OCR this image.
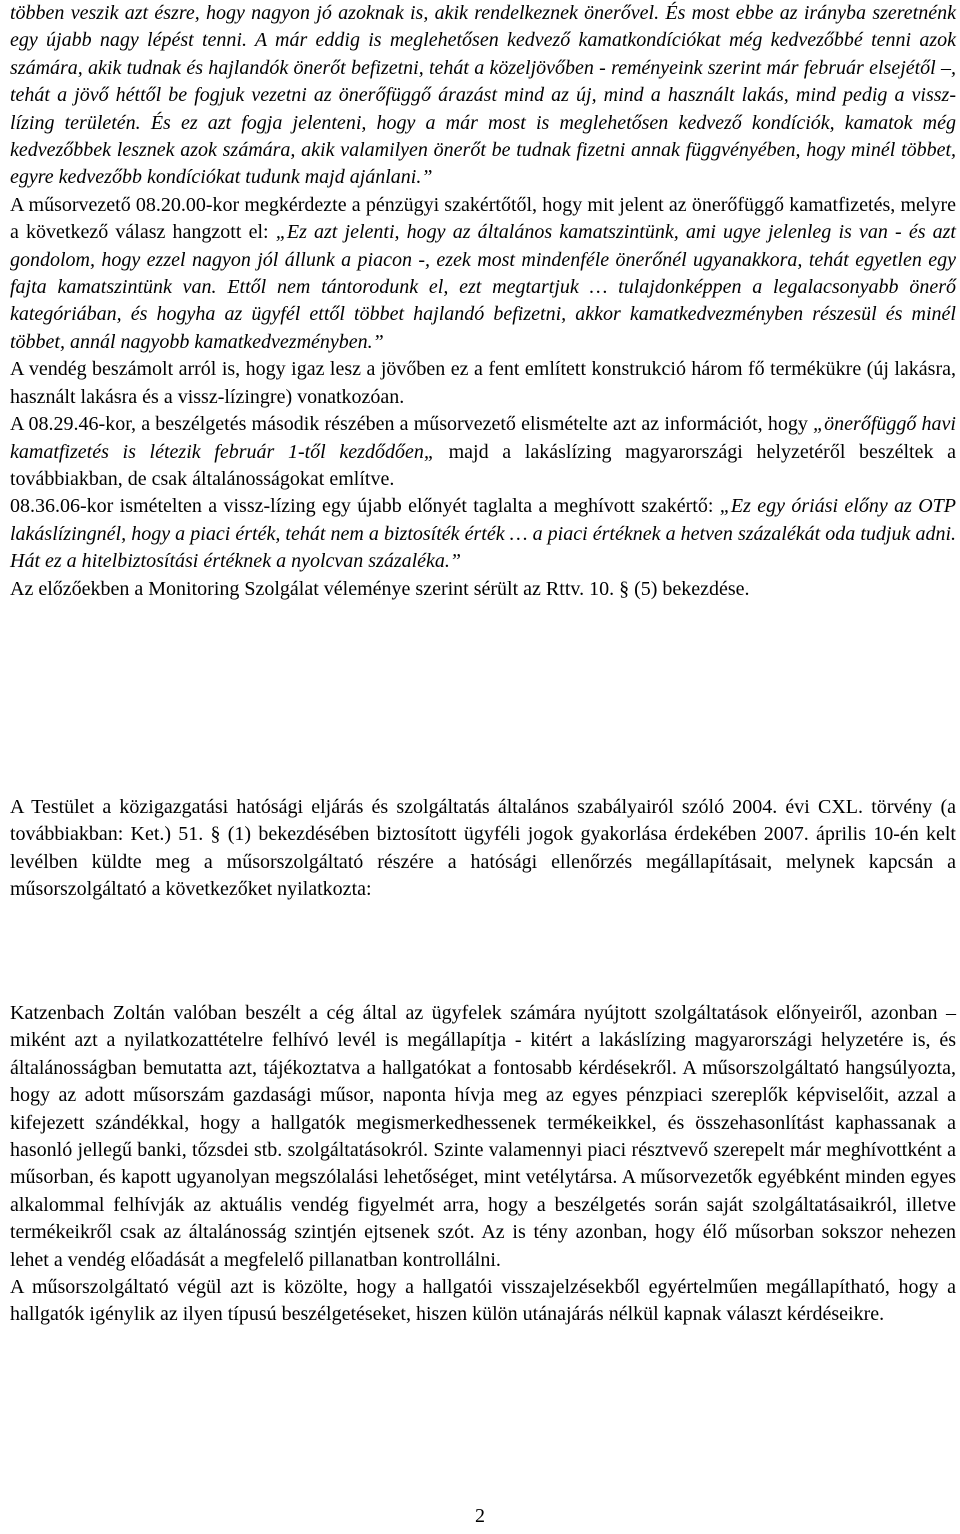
többen veszik azt észre, hogy nagyon jó azoknak is, akik rendelkeznek önerővel. És most ebbe az irányba szeretnénk egy újabb nagy lépést tenni. A már eddig is meglehetősen kedvező kamatkondíciókat még kedvezőbbé tenni azok számára, akik tudnak és hajlandók önerőt befizetni, tehát a közeljövőben - reményeink szerint már február elsejétől –, tehát a jövő héttől be fogjuk vezetni az önerőfüggő árazást mind az új, mind a használt lakás, mind pedig a vissz-lízing területén. És ez azt fogja jelenteni, hogy a már most is meglehetősen kedvező kondíciók, kamatok még kedvezőbbek lesznek azok számára, akik valamilyen önerőt be tudnak fizetni annak függvényében, hogy minél többet, egyre kedvezőbb kondíciókat tudunk majd ajánlani.”
A műsorvezető 08.20.00-kor megkérdezte a pénzügyi szakértőtől, hogy mit jelent az önerőfüggő kamatfizetés, melyre a következő válasz hangzott el: „Ez azt jelenti, hogy az általános kamatszintünk, ami ugye jelenleg is van - és azt gondolom, hogy ezzel nagyon jól állunk a piacon -, ezek most mindenféle önerőnél ugyanakkora, tehát egyetlen egy fajta kamatszintünk van. Ettől nem tántorodunk el, ezt megtartjuk … tulajdonképpen a legalacsonyabb önerő kategóriában, és hogyha az ügyfél ettől többet hajlandó befizetni, akkor kamatkedvezményben részesül és minél többet, annál nagyobb kamatkedvezményben.”
A vendég beszámolt arról is, hogy igaz lesz a jövőben ez a fent említett konstrukció három fő termékükre (új lakásra, használt lakásra és a vissz-lízingre) vonatkozóan.
A 08.29.46-kor, a beszélgetés második részében a műsorvezető elismételte azt az információt, hogy „önerőfüggő havi kamatfizetés is létezik február 1-től kezdődően„ majd a lakáslízing magyarországi helyzetéről beszéltek a továbbiakban, de csak általánosságokat említve.
08.36.06-kor ismételten a vissz-lízing egy újabb előnyét taglalta a meghívott szakértő: „Ez egy óriási előny az OTP lakáslízingnél, hogy a piaci érték, tehát nem a biztosíték érték … a piaci értéknek a hetven százalékát oda tudjuk adni. Hát ez a hitelbiztosítási értéknek a nyolcvan százaléka.”
Az előzőekben a Monitoring Szolgálat véleménye szerint sérült az Rttv. 10. § (5) bekezdése.

A Testület a közigazgatási hatósági eljárás és szolgáltatás általános szabályairól szóló 2004. évi CXL. törvény (a továbbiakban: Ket.) 51. § (1) bekezdésében biztosított ügyféli jogok gyakorlása érdekében 2007. április 10-én kelt levélben küldte meg a műsorszolgáltató részére a hatósági ellenőrzés megállapításait, melynek kapcsán a műsorszolgáltató a következőket nyilatkozta:

Katzenbach Zoltán valóban beszélt a cég által az ügyfelek számára nyújtott szolgáltatások előnyeiről, azonban – miként azt a nyilatkozattételre felhívó levél is megállapítja - kitért a lakáslízing magyarországi helyzetére is, és általánosságban bemutatta azt, tájékoztatva a hallgatókat a fontosabb kérdésekről. A műsorszolgáltató hangsúlyozta, hogy az adott műsorszám gazdasági műsor, naponta hívja meg az egyes pénzpiaci szereplők képviselőit, azzal a kifejezett szándékkal, hogy a hallgatók megismerkedhessenek termékeikkel, és összehasonlítást kaphassanak a hasonló jellegű banki, tőzsdei stb. szolgáltatásokról. Szinte valamennyi piaci résztvevő szerepelt már meghívottként a műsorban, és kapott ugyanolyan megszólalási lehetőséget, mint vetélytársa. A műsorvezetők egyébként minden egyes alkalommal felhívják az aktuális vendég figyelmét arra, hogy a beszélgetés során saját szolgáltatásaikról, illetve termékeikről csak az általánosság szintjén ejtsenek szót. Az is tény azonban, hogy élő műsorban sokszor nehezen lehet a vendég előadását a megfelelő pillanatban kontrollálni.
A műsorszolgáltató végül azt is közölte, hogy a hallgatói visszajelzésekből egyértelműen megállapítható, hogy a hallgatók igénylik az ilyen típusú beszélgetéseket, hiszen külön utánajárás nélkül kapnak választ kérdéseikre.
2
